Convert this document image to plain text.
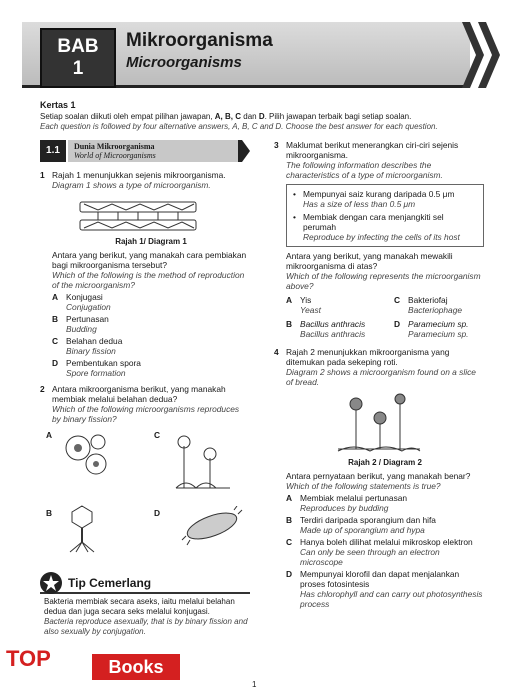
BAB
1
Mikroorganisma
Microorganisms
Kertas 1
Setiap soalan diikuti oleh empat pilihan jawapan, A, B, C dan D. Pilih jawapan terbaik bagi setiap soalan.
Each question is followed by four alternative answers, A, B, C and D. Choose the best answer for each question.
1.1	Dunia Mikroorganisma
World of Microorganisms
1 Rajah 1 menunjukkan sejenis mikroorganisma.
Diagram 1 shows a type of microorganism.
Rajah 1/ Diagram 1
Antara yang berikut, yang manakah cara pembiakan bagi mikroorganisma tersebut?
Which of the following is the method of reproduction of the microorganism?
A Konjugasi
Conjugation
B Pertunasan
Budding
C Belahan dedua
Binary fission
D Pembentukan spora
Spore formation
2 Antara mikroorganisma berikut, yang manakah membiak melalui belahan dedua?
Which of the following microorganisms reproduces by binary fission?
A	C
B	D
Tip Cemerlang
Bakteria membiak secara aseks, iaitu melalui belahan dedua dan juga secara seks melalui konjugasi.
Bacteria reproduce asexually, that is by binary fission and also sexually by conjugation.
TOP	Books
3 Maklumat berikut menerangkan ciri-ciri sejenis mikroorganisma.
The following information describes the characteristics of a type of microorganism.
• Mempunyai saiz kurang daripada 0.5 μm
Has a size of less than 0.5 μm
• Membiak dengan cara menjangkiti sel perumah
Reproduce by infecting the cells of its host
Antara yang berikut, yang manakah mewakili mikroorganisma di atas?
Which of the following represents the microorganism above?
A Yis
Yeast
C Bakteriofaj
Bacteriophage
B Bacillus anthracis
Bacillus anthracis
D Paramecium sp.
Paramecium sp.
4 Rajah 2 menunjukkan mikroorganisma yang ditemukan pada sekeping roti.
Diagram 2 shows a microorganism found on a slice of bread.
Rajah 2 / Diagram 2
Antara pernyataan berikut, yang manakah benar?
Which of the following statements is true?
A Membiak melalui pertunasan
Reproduces by budding
B Terdiri daripada sporangium dan hifa
Made up of sporangium and hypa
C Hanya boleh dilihat melalui mikroskop elektron
Can only be seen through an electron microscope
D Mempunyai klorofil dan dapat menjalankan proses fotosintesis
Has chlorophyll and can carry out photosynthesis process
1
